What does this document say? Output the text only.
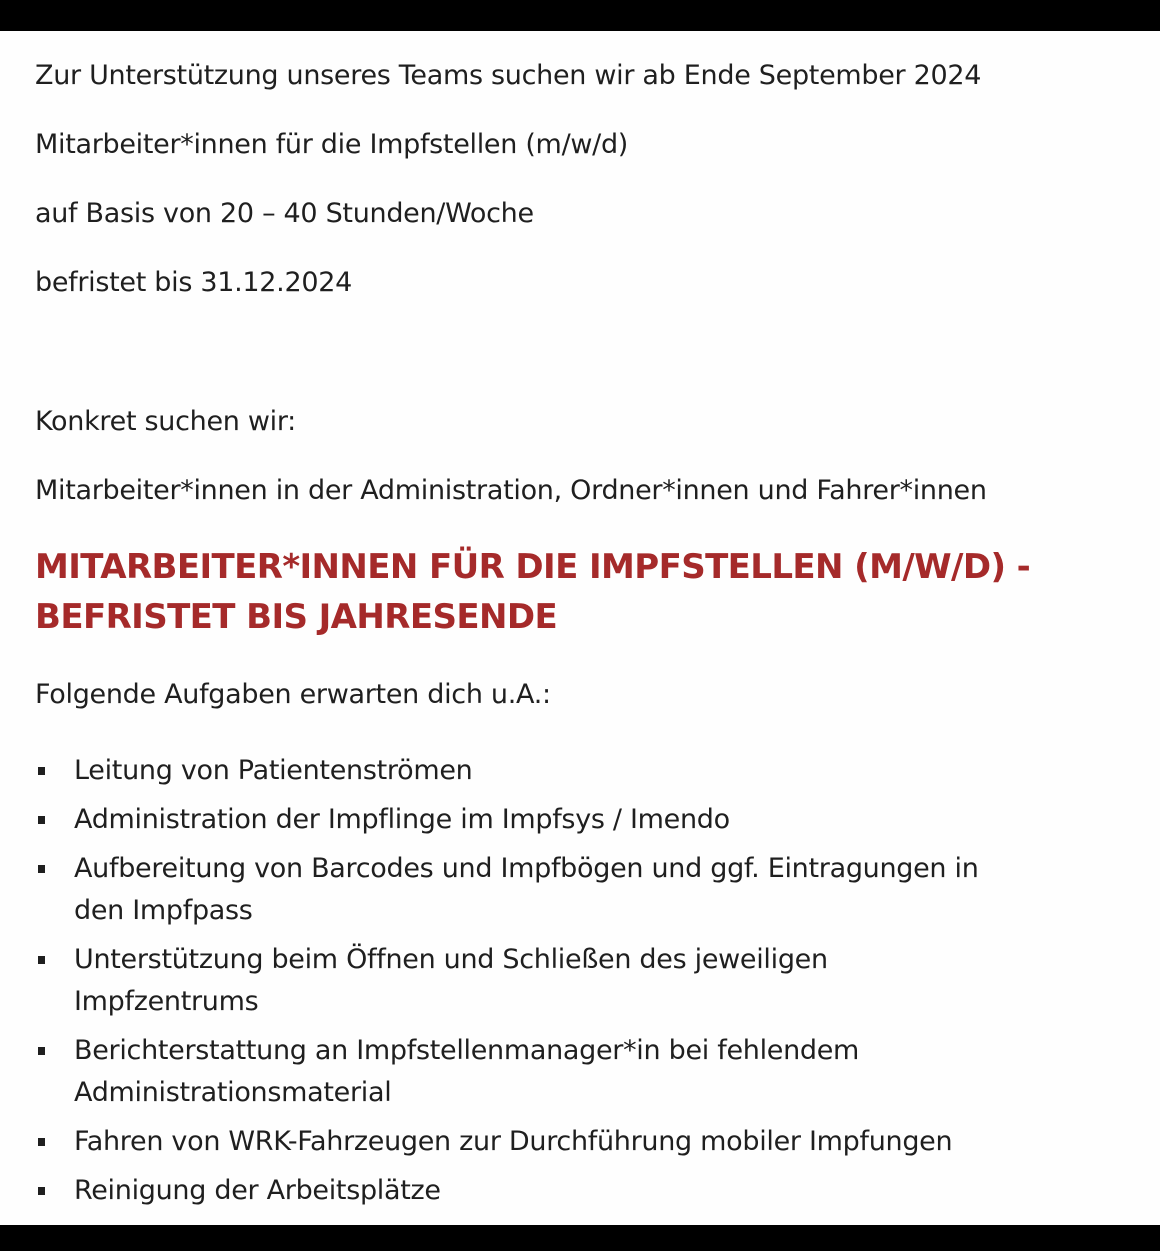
Zur Unterstützung unseres Teams suchen wir ab Ende September 2024

Mitarbeiter*innen für die Impfstellen (m/w/d)

auf Basis von 20 – 40 Stunden/Woche

befristet bis 31.12.2024

Konkret suchen wir:

Mitarbeiter*innen in der Administration, Ordner*innen und Fahrer*innen

MITARBEITER*INNEN FÜR DIE IMPFSTELLEN (M/W/D) -
BEFRISTET BIS JAHRESENDE

Folgende Aufgaben erwarten dich u.A.:

Leitung von Patientenströmen
Administration der Impflinge im Impfsys / Imendo
Aufbereitung von Barcodes und Impfbögen und ggf. Eintragungen in den Impfpass
Unterstützung beim Öffnen und Schließen des jeweiligen Impfzentrums
Berichterstattung an Impfstellenmanager*in bei fehlendem Administrationsmaterial
Fahren von WRK-Fahrzeugen zur Durchführung mobiler Impfungen
Reinigung der Arbeitsplätze
